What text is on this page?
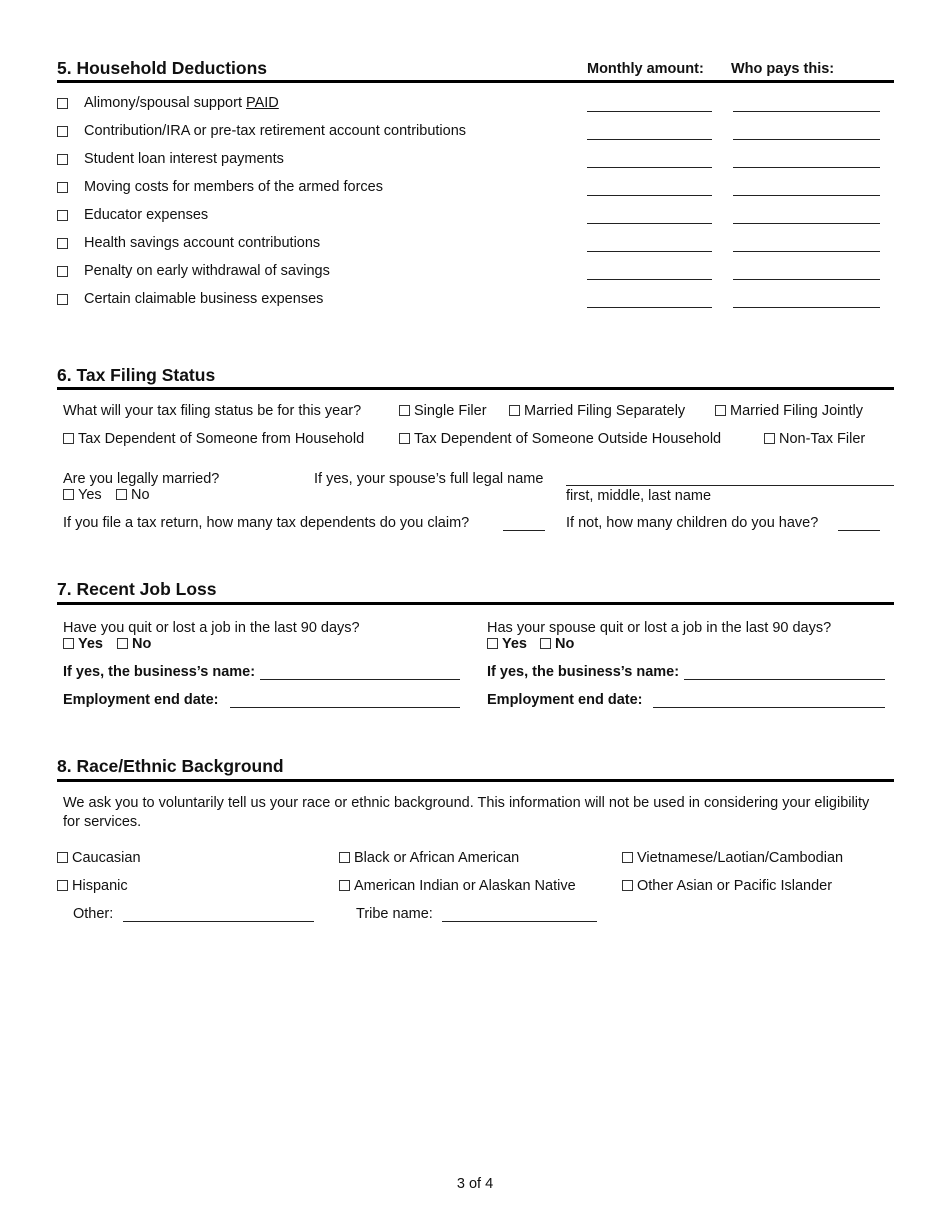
5. Household Deductions	Monthly amount: Who pays this:
Alimony/spousal support PAID
Contribution/IRA or pre-tax retirement account contributions
Student loan interest payments
Moving costs for members of the armed forces
Educator expenses
Health savings account contributions
Penalty on early withdrawal of savings
Certain claimable business expenses
6. Tax Filing Status
What will your tax filing status be for this year?	Single Filer	Married Filing Separately	Married Filing Jointly
Tax Dependent of Someone from Household	Tax Dependent of Someone Outside Household	Non-Tax Filer
Are you legally married?
Yes	No
If yes, your spouse’s full legal name
first, middle, last name
If you file a tax return, how many tax dependents do you claim?	If not, how many children do you have?
7. Recent Job Loss
Have you quit or lost a job in the last 90 days?
Yes	No
If yes, the business’s name:
Employment end date:
Has your spouse quit or lost a job in the last 90 days?
Yes	No
If yes, the business’s name:
Employment end date:
8. Race/Ethnic Background
We ask you to voluntarily tell us your race or ethnic background. This information will not be used in considering your eligibility for services.
Caucasian	Black or African American	Vietnamese/Laotian/Cambodian
Hispanic	American Indian or Alaskan Native	Other Asian or Pacific Islander
Other:	Tribe name:
3 of 4
